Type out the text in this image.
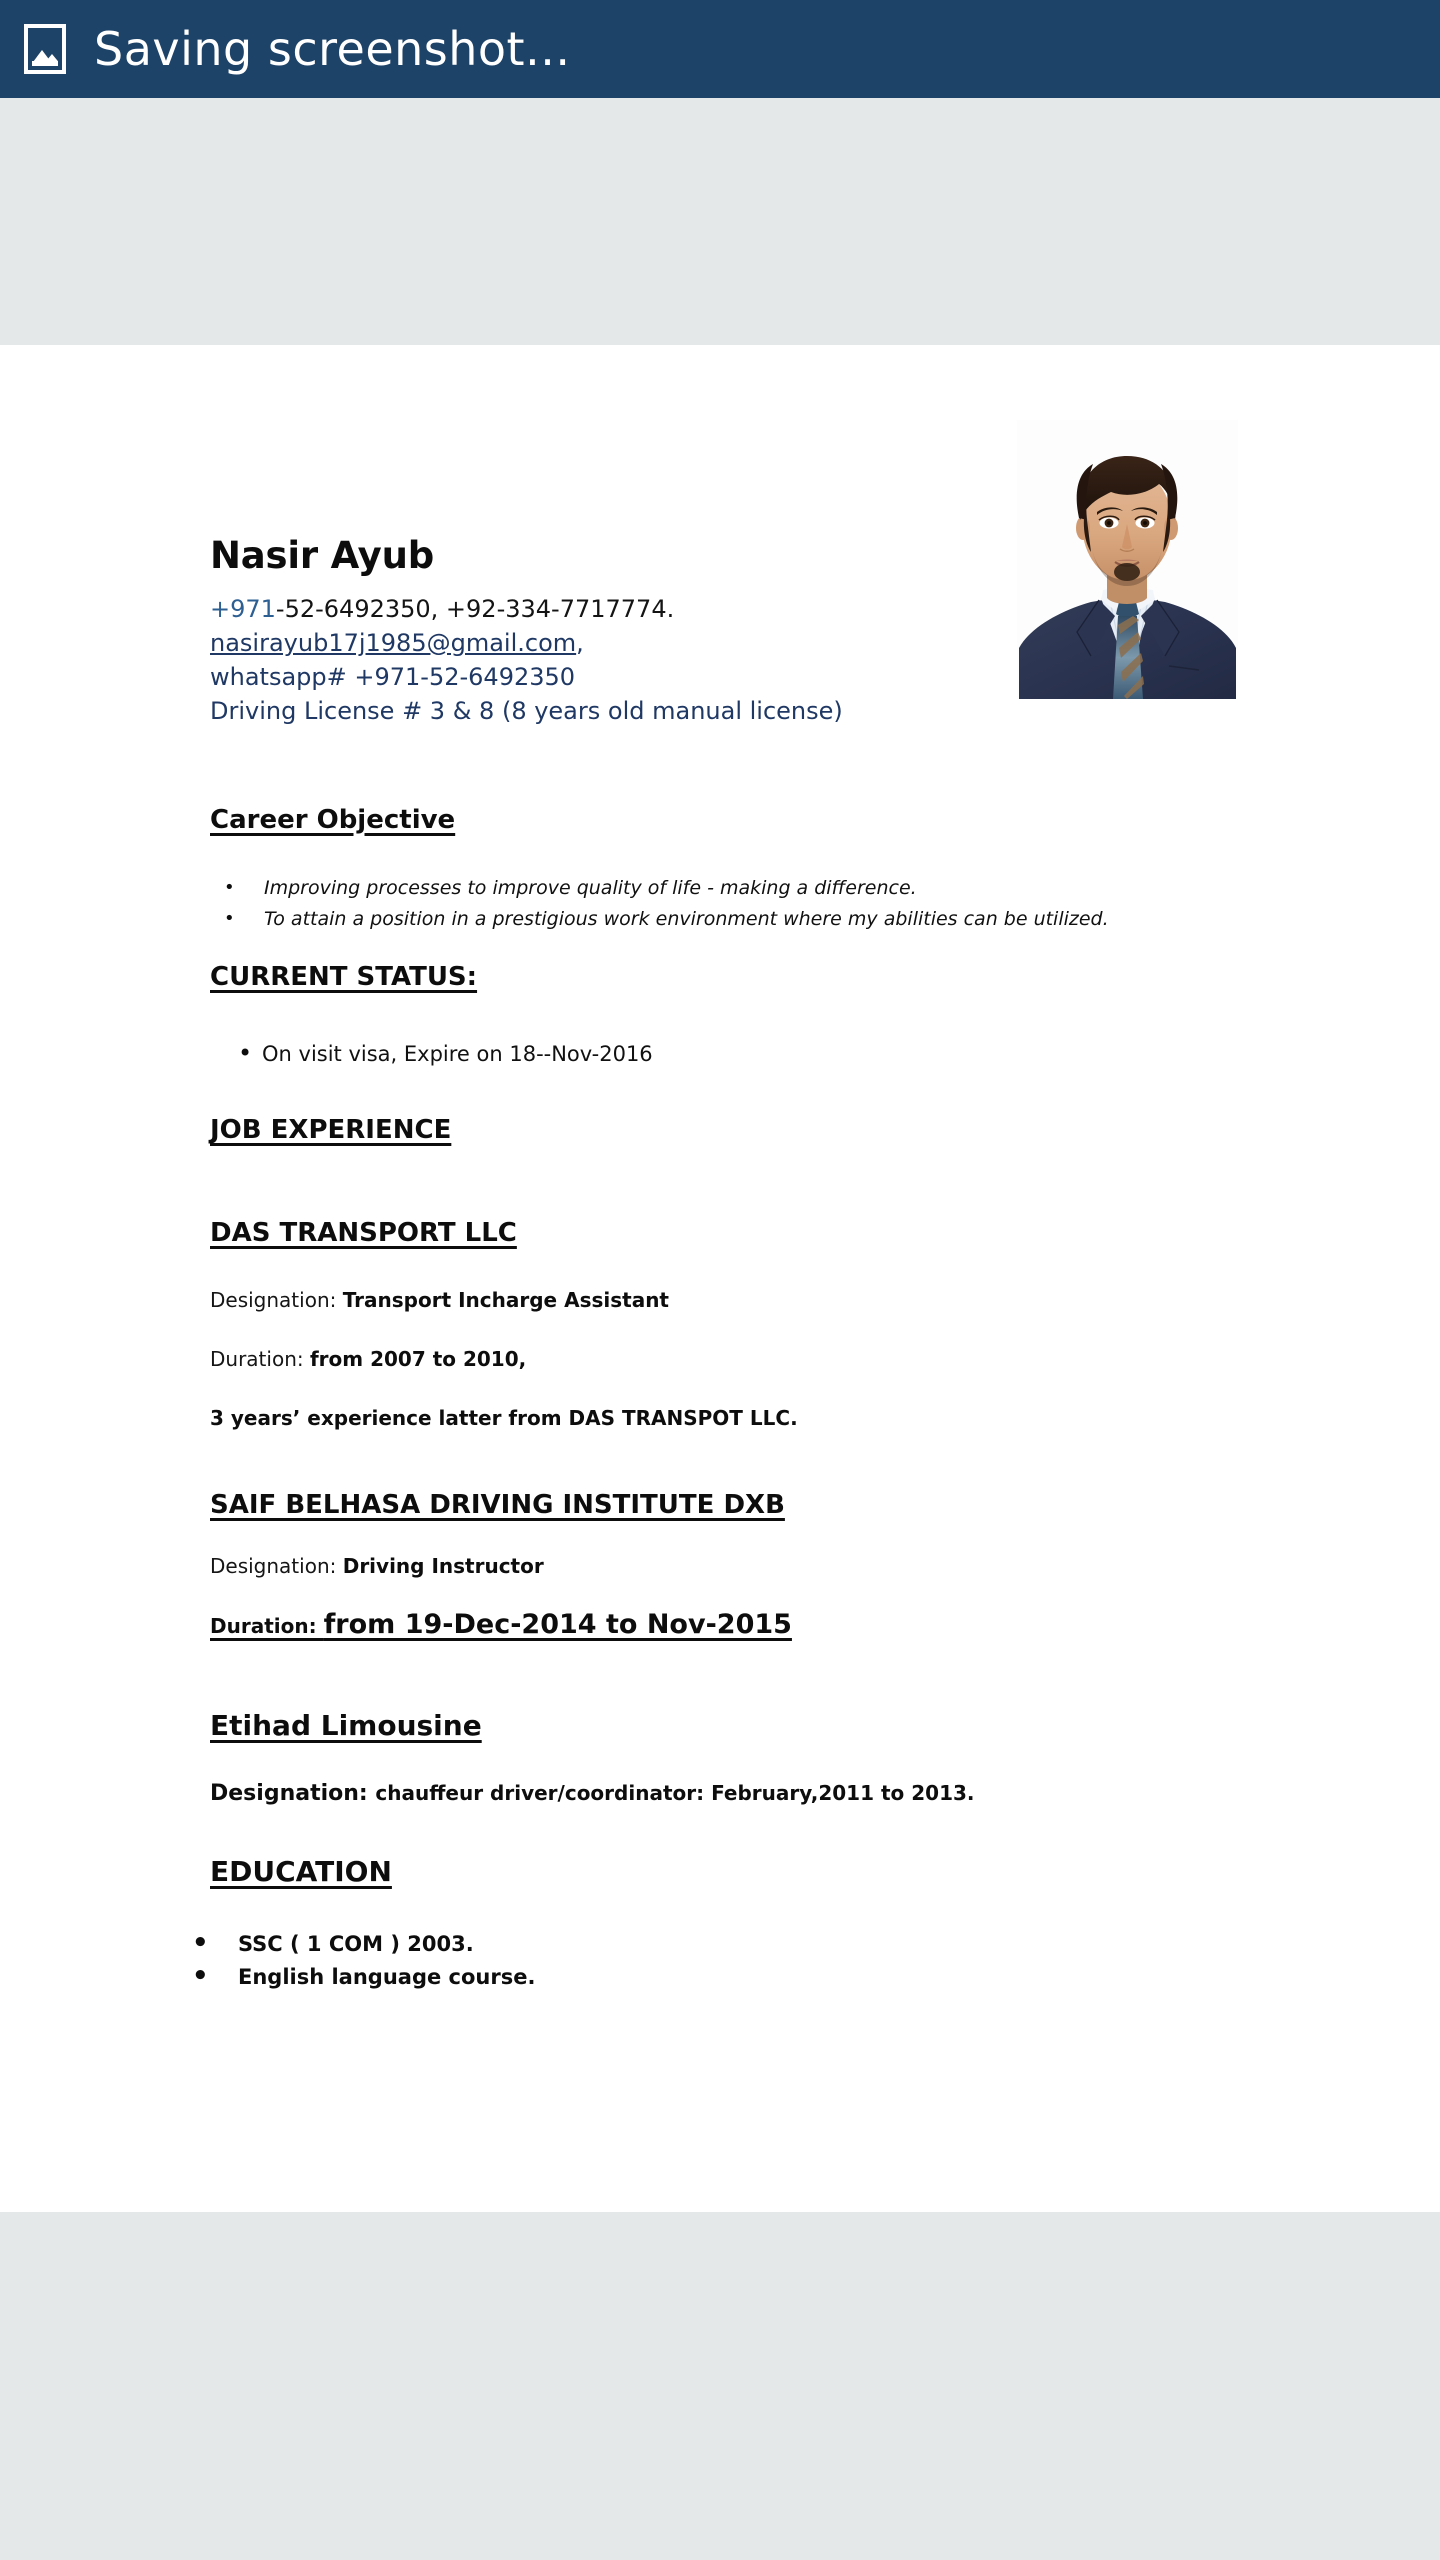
Saving screenshot...
Nasir Ayub
+971-52-6492350, +92-334-7717774.
nasirayub17j1985@gmail.com,
whatsapp# +971-52-6492350
Driving License # 3 & 8 (8 years old manual license)
Career Objective
• Improving processes to improve quality of life - making a difference.
• To attain a position in a prestigious work environment where my abilities can be utilized.
CURRENT STATUS:
• On visit visa, Expire on 18--Nov-2016
JOB EXPERIENCE
DAS TRANSPORT LLC
Designation: Transport Incharge Assistant
Duration: from 2007 to 2010,
3 years’ experience latter from DAS TRANSPOT LLC.
SAIF BELHASA DRIVING INSTITUTE DXB
Designation: Driving Instructor
Duration: from 19-Dec-2014 to Nov-2015
Etihad Limousine
Designation: chauffeur driver/coordinator: February,2011 to 2013.
EDUCATION
• SSC ( 1 COM ) 2003.
• English language course.
